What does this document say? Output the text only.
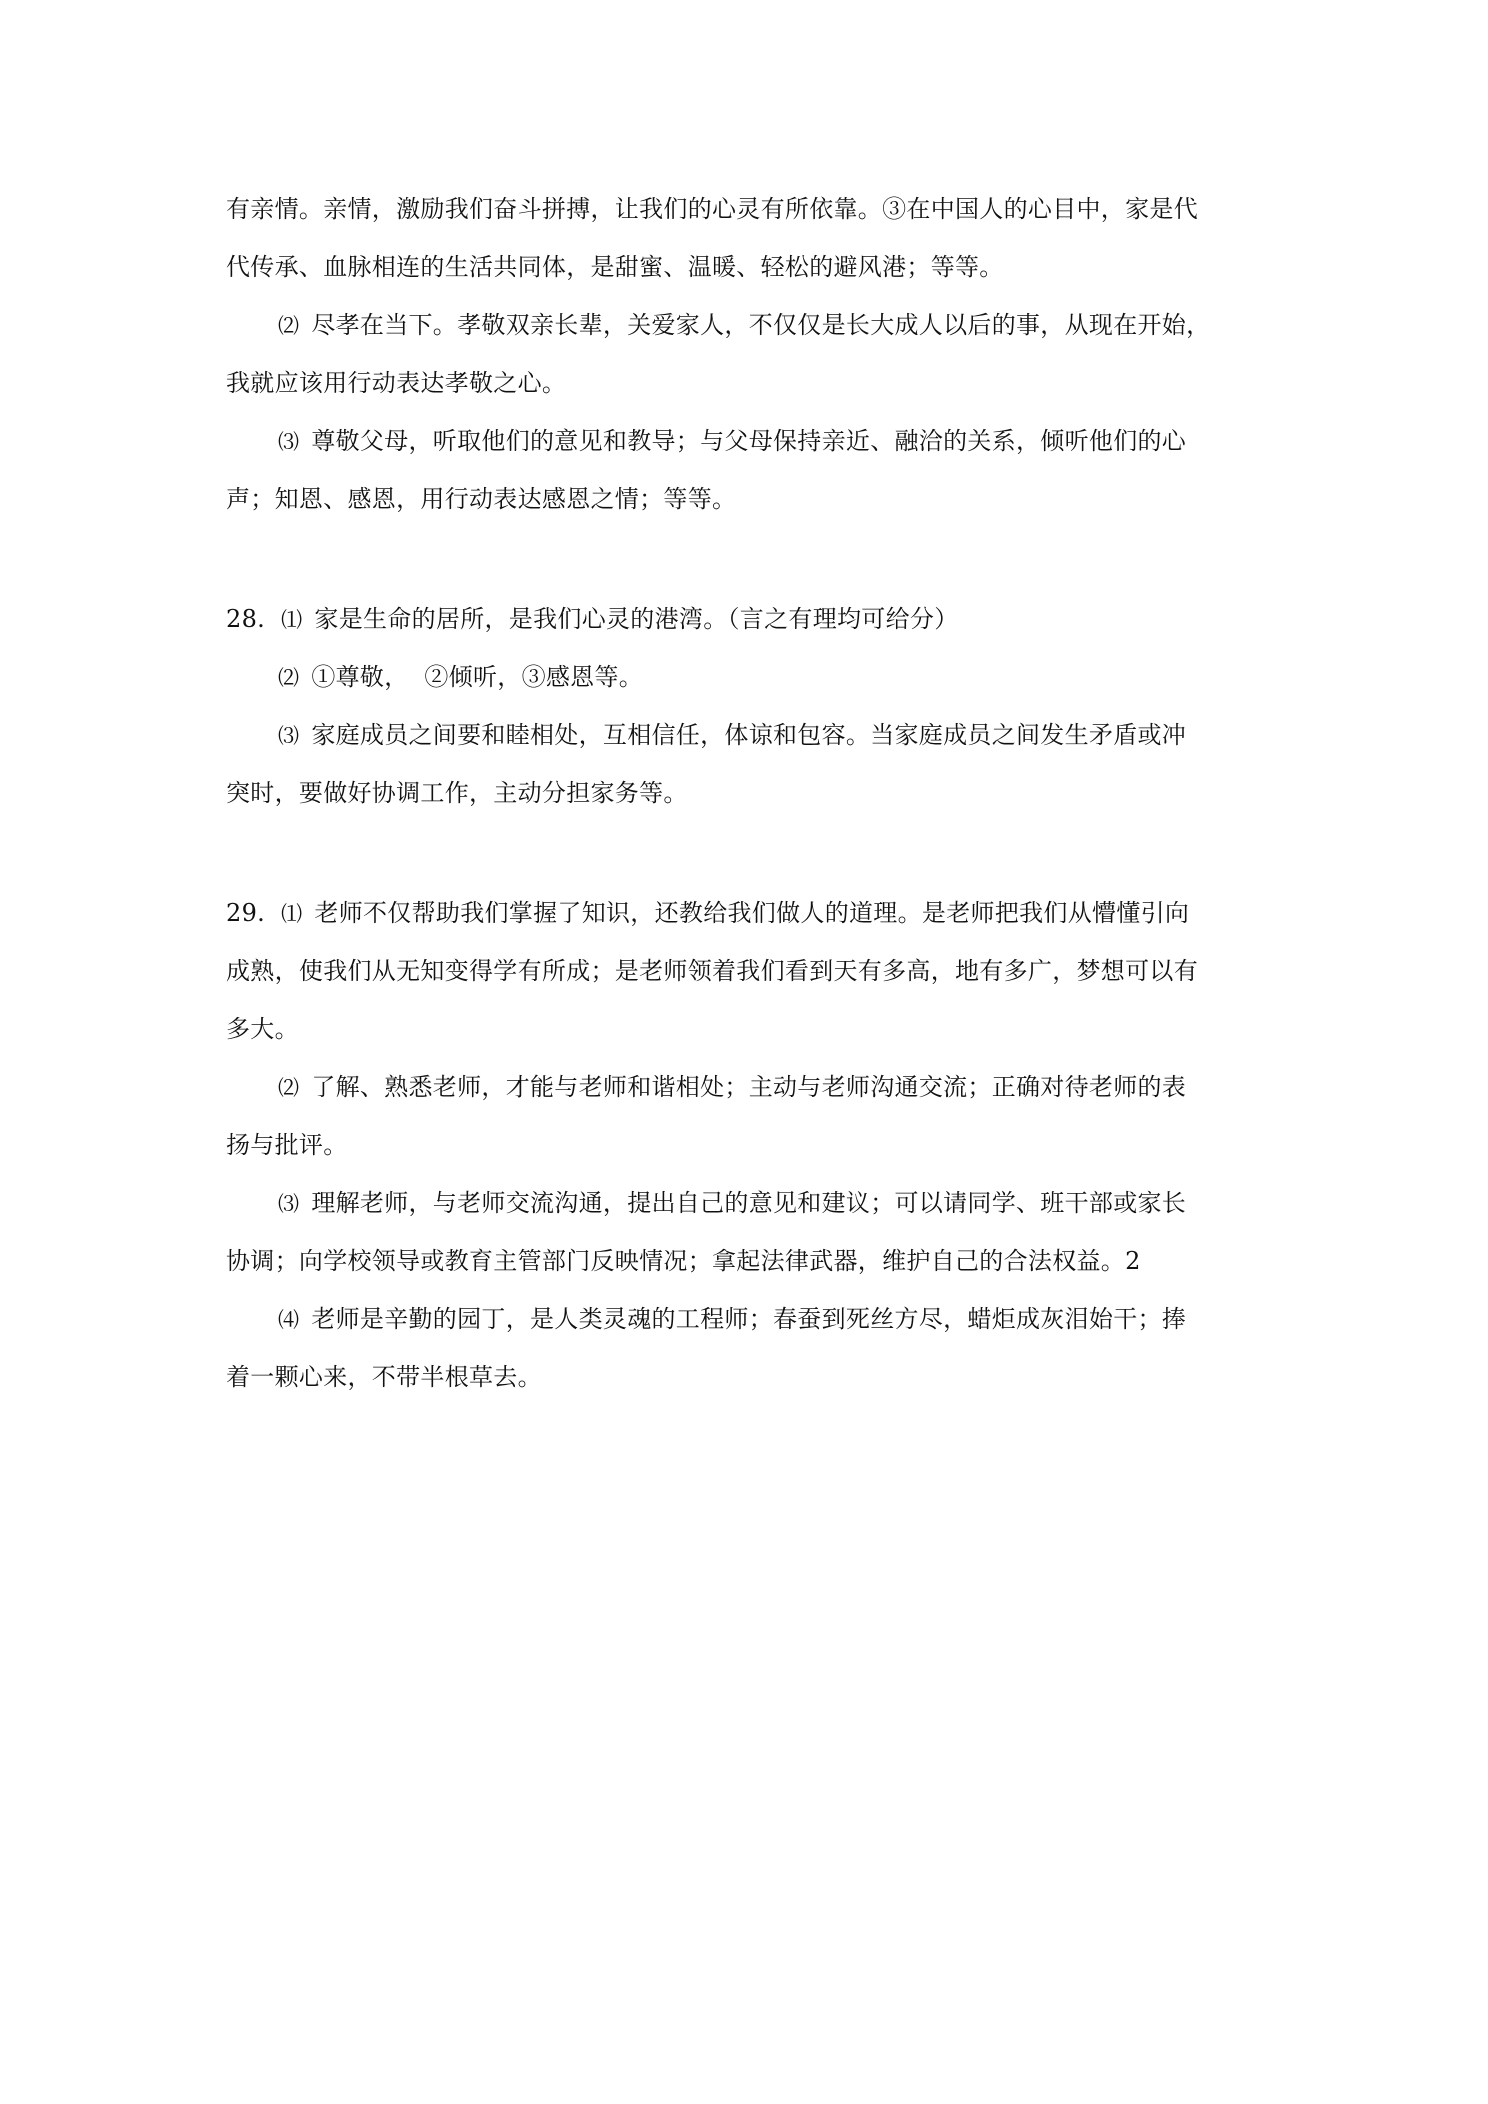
有亲情。亲情，激励我们奋斗拼搏，让我们的心灵有所依靠。③在中国人的心目中，家是代
代传承、血脉相连的生活共同体，是甜蜜、温暖、轻松的避风港；等等。
⑵ 尽孝在当下。孝敬双亲长辈，关爱家人，不仅仅是长大成人以后的事，从现在开始，
我就应该用行动表达孝敬之心。
⑶ 尊敬父母，听取他们的意见和教导；与父母保持亲近、融洽的关系，倾听他们的心
声；知恩、感恩，用行动表达感恩之情；等等。
28. ⑴ 家是生命的居所，是我们心灵的港湾。（言之有理均可给分）
⑵ ①尊敬，  ②倾听，③感恩等。
⑶ 家庭成员之间要和睦相处，互相信任，体谅和包容。当家庭成员之间发生矛盾或冲
突时，要做好协调工作，主动分担家务等。
29. ⑴ 老师不仅帮助我们掌握了知识，还教给我们做人的道理。是老师把我们从懵懂引向
成熟，使我们从无知变得学有所成；是老师领着我们看到天有多高，地有多广，梦想可以有
多大。
⑵ 了解、熟悉老师，才能与老师和谐相处；主动与老师沟通交流；正确对待老师的表
扬与批评。
⑶ 理解老师，与老师交流沟通，提出自己的意见和建议；可以请同学、班干部或家长
协调；向学校领导或教育主管部门反映情况；拿起法律武器，维护自己的合法权益。2
⑷ 老师是辛勤的园丁，是人类灵魂的工程师；春蚕到死丝方尽，蜡炬成灰泪始干；捧
着一颗心来，不带半根草去。
